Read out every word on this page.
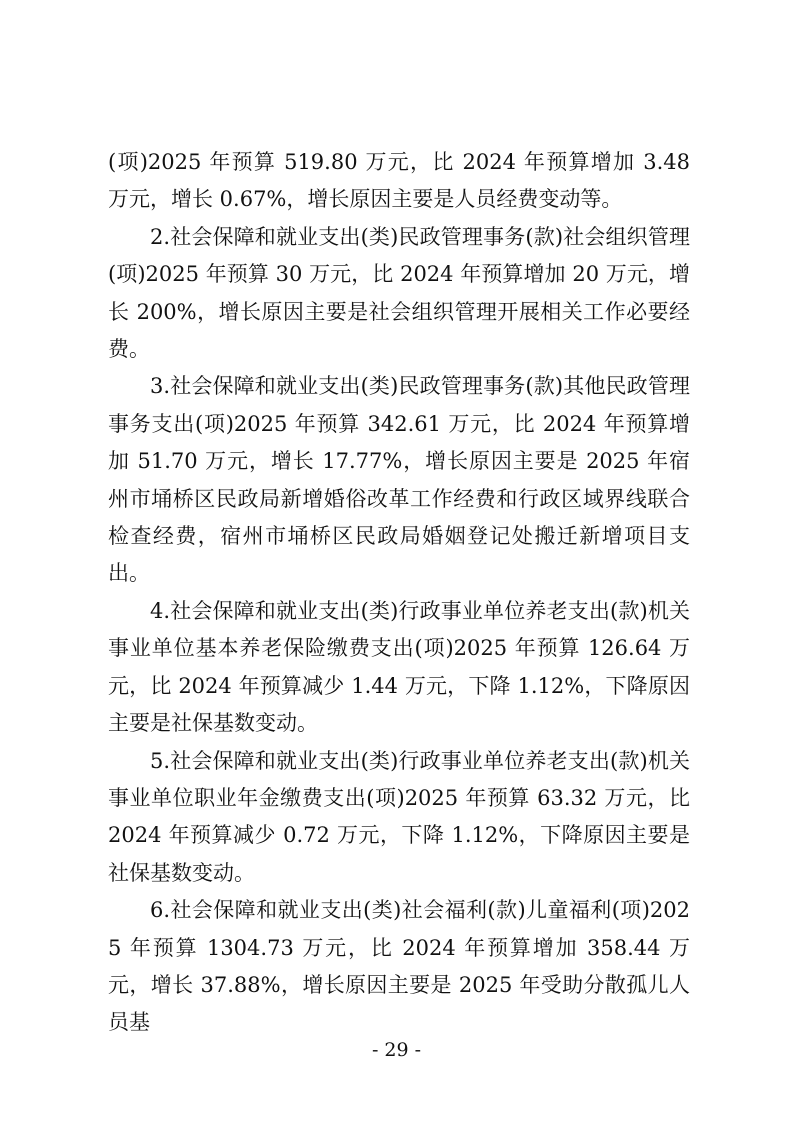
(项)2025 年预算 519.80 万元，比 2024 年预算增加 3.48 万元，增长 0.67%，增长原因主要是人员经费变动等。

2.社会保障和就业支出(类)民政管理事务(款)社会组织管理(项)2025 年预算 30 万元，比 2024 年预算增加 20 万元，增长 200%，增长原因主要是社会组织管理开展相关工作必要经费。

3.社会保障和就业支出(类)民政管理事务(款)其他民政管理事务支出(项)2025 年预算 342.61 万元，比 2024 年预算增加 51.70 万元，增长 17.77%，增长原因主要是 2025 年宿州市埇桥区民政局新增婚俗改革工作经费和行政区域界线联合检查经费，宿州市埇桥区民政局婚姻登记处搬迁新增项目支出。

4.社会保障和就业支出(类)行政事业单位养老支出(款)机关事业单位基本养老保险缴费支出(项)2025 年预算 126.64 万元，比 2024 年预算减少 1.44 万元，下降 1.12%，下降原因主要是社保基数变动。

5.社会保障和就业支出(类)行政事业单位养老支出(款)机关事业单位职业年金缴费支出(项)2025 年预算 63.32 万元，比 2024 年预算减少 0.72 万元，下降 1.12%，下降原因主要是社保基数变动。

6.社会保障和就业支出(类)社会福利(款)儿童福利(项)2025 年预算 1304.73 万元，比 2024 年预算增加 358.44 万元，增长 37.88%，增长原因主要是 2025 年受助分散孤儿人员基

- 29 -
